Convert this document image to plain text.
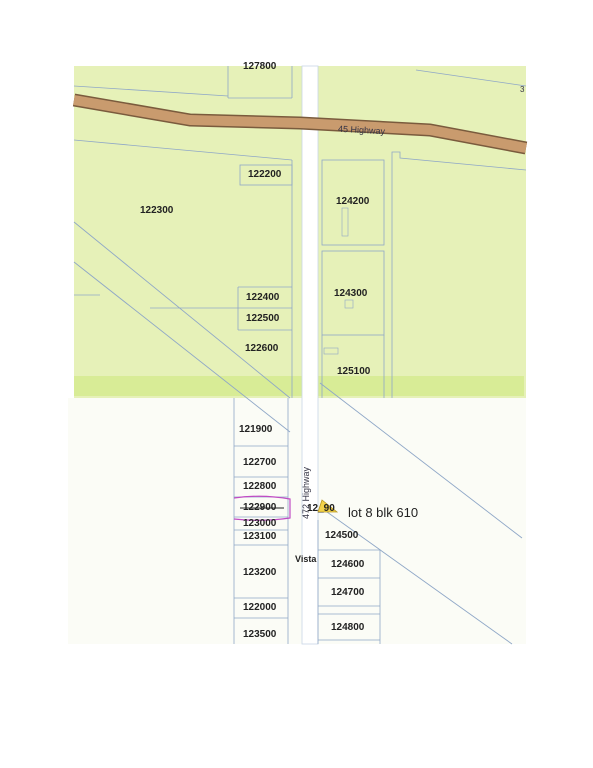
45 Highway
472 Highway
Vista
3
127800
122200
122300
124200
122400	124300
122500
122600
125100
121900
122700
122800
122900	12_90
123000
123100	124500
123200
124600
124700
122000
124800
123500
lot 8 blk 610
